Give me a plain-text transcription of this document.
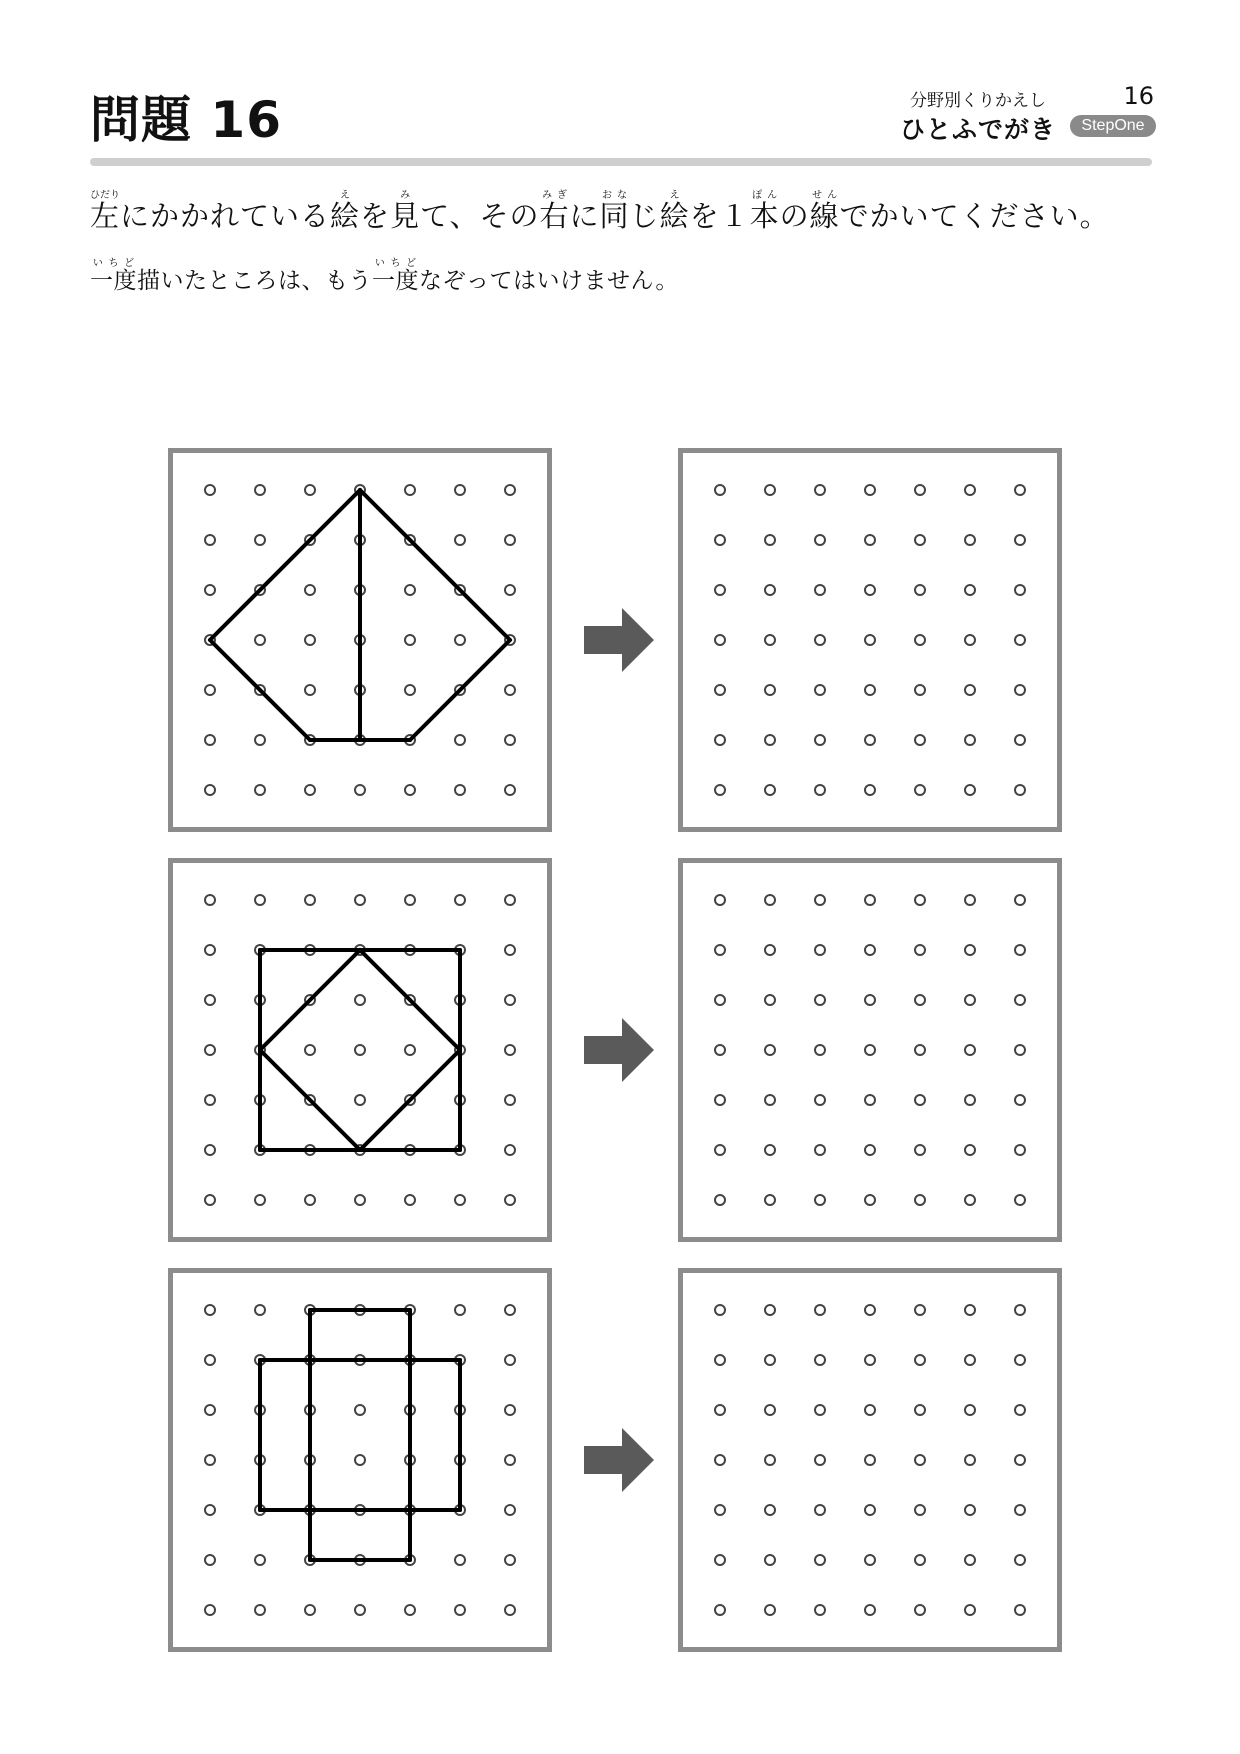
問題 16	分野別くりかえし	16
ひとふでがき	StepOne

左ひだりにかかれている絵えを見みて、その右みぎに同おなじ絵えを１本ぽんの線せんでかいてください。

一度いちど描いたところは、もう一度いちどなぞってはいけません。
